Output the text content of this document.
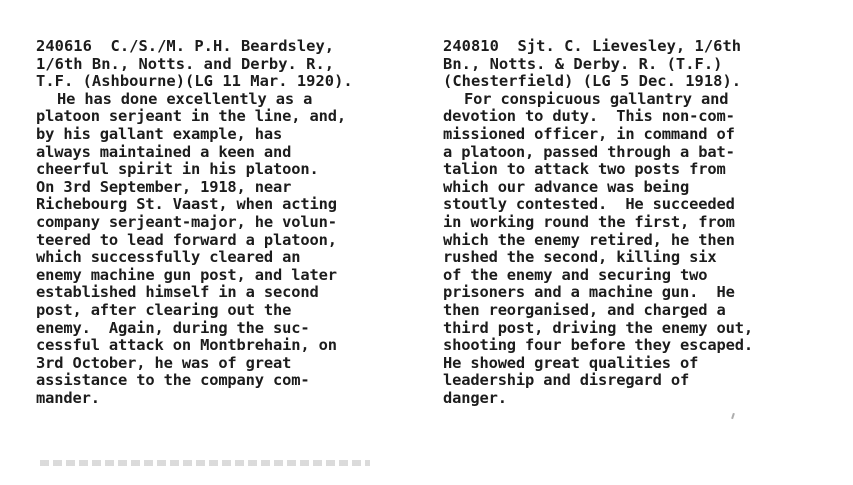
240616  C./S./M. P.H. Beardsley,
1/6th Bn., Notts. and Derby. R.,
T.F. (Ashbourne)(LG 11 Mar. 1920).
He has done excellently as a
platoon serjeant in the line, and,
by his gallant example, has
always maintained a keen and
cheerful spirit in his platoon.
On 3rd September, 1918, near
Richebourg St. Vaast, when acting
company serjeant-major, he volun-
teered to lead forward a platoon,
which successfully cleared an
enemy machine gun post, and later
established himself in a second
post, after clearing out the
enemy.  Again, during the suc-
cessful attack on Montbrehain, on
3rd October, he was of great
assistance to the company com-
mander.
240810  Sjt. C. Lievesley, 1/6th
Bn., Notts. & Derby. R. (T.F.)
(Chesterfield) (LG 5 Dec. 1918).
For conspicuous gallantry and
devotion to duty.  This non-com-
missioned officer, in command of
a platoon, passed through a bat-
talion to attack two posts from
which our advance was being
stoutly contested.  He succeeded
in working round the first, from
which the enemy retired, he then
rushed the second, killing six
of the enemy and securing two
prisoners and a machine gun.  He
then reorganised, and charged a
third post, driving the enemy out,
shooting four before they escaped.
He showed great qualities of
leadership and disregard of
danger.
